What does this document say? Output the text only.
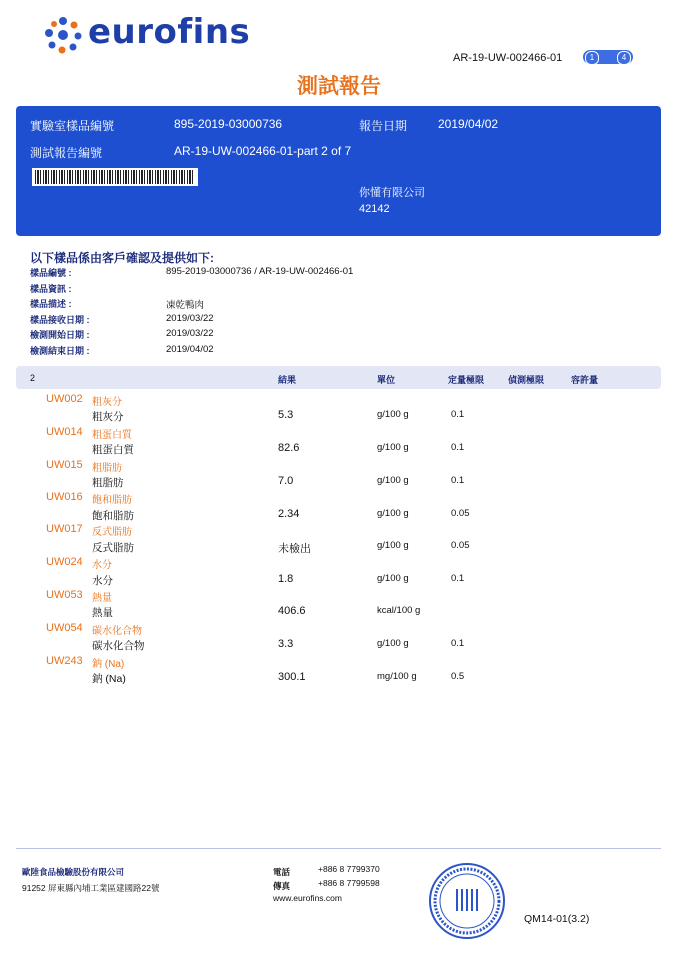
eurofins
AR-19-UW-002466-01	1	4
測試報告
實驗室樣品編號	895-2019-03000736	報告日期	2019/04/02
測試報告編號	AR-19-UW-002466-01-part 2 of 7
你懂有限公司
42142
以下樣品係由客戶確認及提供如下:
樣品編號 :	895-2019-03000736 / AR-19-UW-002466-01
樣品資訊 :
樣品描述 :	凍乾鴨肉
樣品接收日期 :	2019/03/22
檢測開始日期 :	2019/03/22
檢測結束日期 :	2019/04/02
2	結果	單位	定量極限	偵測極限	容許量
UW002 粗灰分
粗灰分	5.3	g/100 g	0.1
UW014 粗蛋白質
粗蛋白質	82.6	g/100 g	0.1
UW015 粗脂肪
粗脂肪	7.0	g/100 g	0.1
UW016 飽和脂肪
飽和脂肪	2.34	g/100 g	0.05
UW017 反式脂肪
反式脂肪	未檢出	g/100 g	0.05
UW024 水分
水分	1.8	g/100 g	0.1
UW053 熱量
熱量	406.6	kcal/100 g
UW054 碳水化合物
碳水化合物	3.3	g/100 g	0.1
UW243 鈉 (Na)
鈉 (Na)	300.1	mg/100 g	0.5
歐陸食品檢驗股份有限公司
91252 屏東縣內埔工業區建國路22號
電話	+886 8 7799370
傳真	+886 8 7799598
www.eurofins.com
QM14-01(3.2)
